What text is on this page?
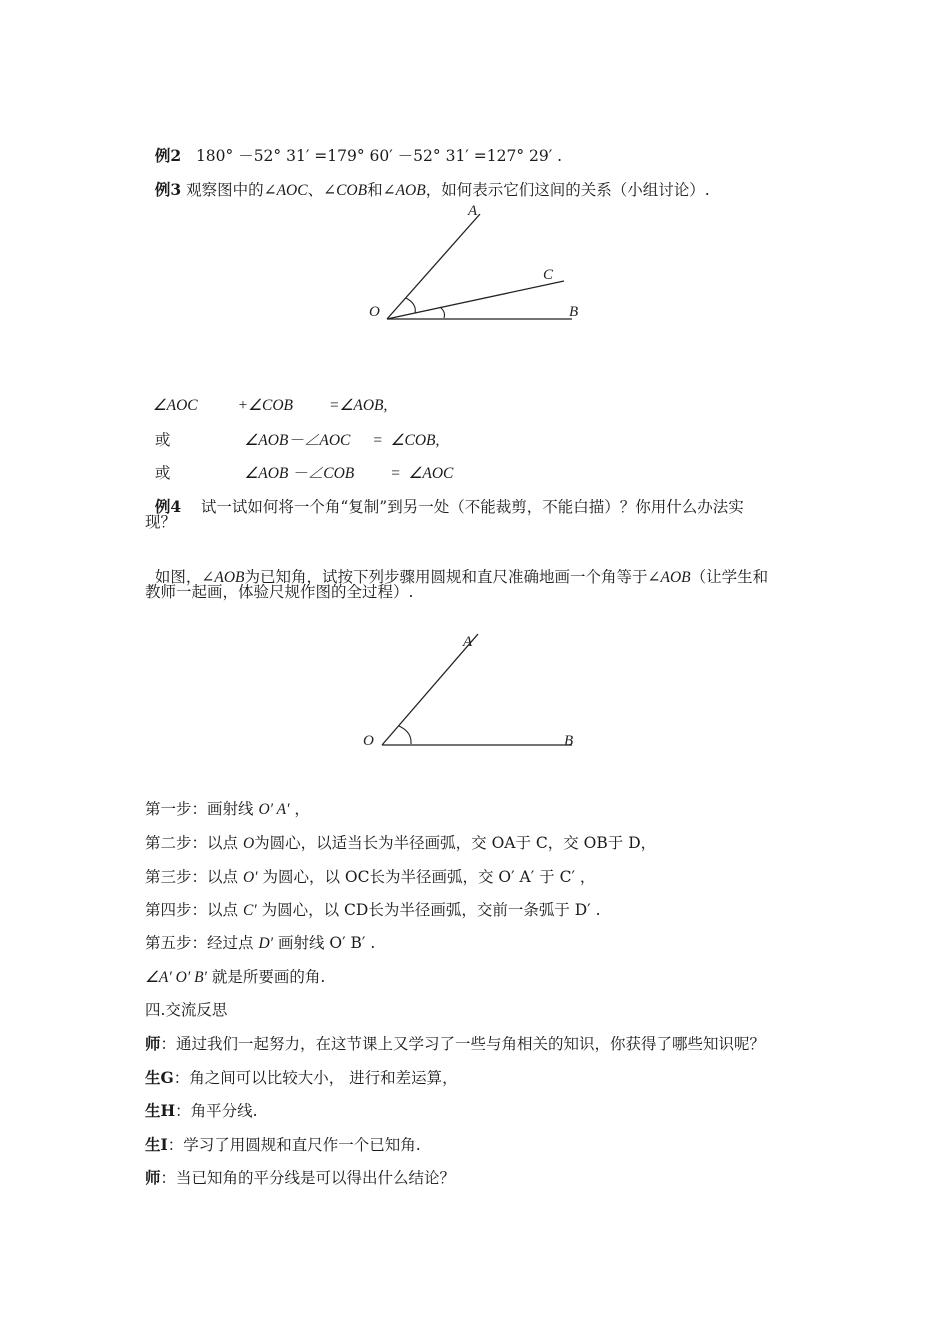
例2 180° －52° 31′ =179° 60′ －52° 31′ =127° 29′ .

例3 观察图中的∠AOC、∠COB和∠AOB，如何表示它们这间的关系（小组讨论）.

A
C
O	B

∠AOC	+∠COB =∠AOB,

或	∠AOB－∠AOC =  ∠COB,

或	∠AOB －∠COB =  ∠AOC

例4 试一试如何将一个角“复制”到另一处（不能裁剪，不能白描）？你用什么办法实

现？

如图，∠AOB为已知角，试按下列步骤用圆规和直尺准确地画一个角等于∠AOB（让学生和

教师一起画，体验尺规作图的全过程）.
A
O	B
第一步：画射线 O′ A′ ，
第二步：以点 O为圆心，以适当长为半径画弧，交 OA于 C，交 OB于 D，
第三步：以点 O′ 为圆心，以 OC长为半径画弧，交 O′ A′ 于 C′ ，
第四步：以点 C′ 为圆心，以 CD长为半径画弧，交前一条弧于 D′ .
第五步：经过点 D′ 画射线 O′ B′ .
∠A′ O′ B′ 就是所要画的角.
四.交流反思
师：通过我们一起努力，在这节课上又学习了一些与角相关的知识，你获得了哪些知识呢？
生G：角之间可以比较大小， 进行和差运算，
生H：角平分线.
生I：学习了用圆规和直尺作一个已知角.
师：当已知角的平分线是可以得出什么结论？
